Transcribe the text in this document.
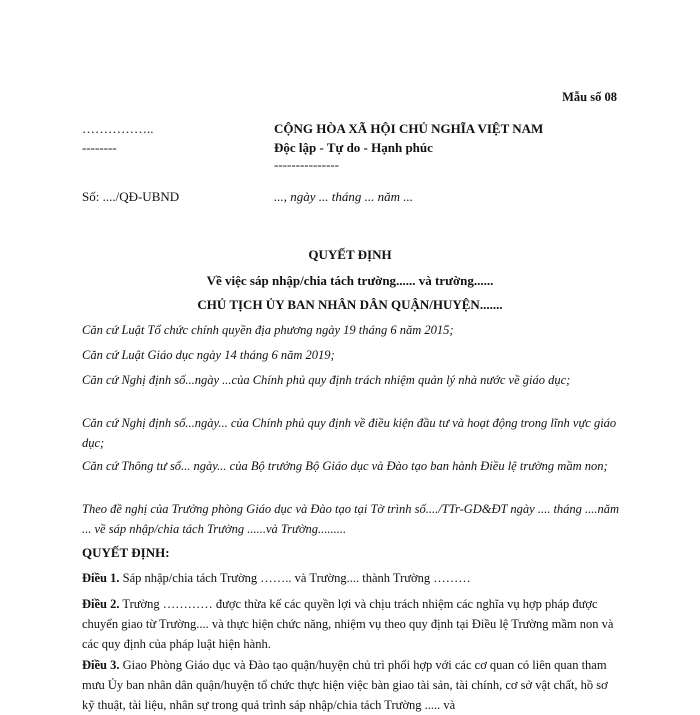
Mẫu số 08
……………..
--------
CỘNG HÒA XÃ HỘI CHỦ NGHĨA VIỆT NAM
Độc lập - Tự do - Hạnh phúc
---------------
Số: ..../QĐ-UBND	..., ngày ... tháng ... năm ...
QUYẾT ĐỊNH
Về việc sáp nhập/chia tách trường...... và trường......
CHỦ TỊCH ỦY BAN NHÂN DÂN QUẬN/HUYỆN.......
Căn cứ Luật Tổ chức chính quyền địa phương ngày 19 tháng 6 năm 2015;
Căn cứ Luật Giáo dục ngày 14 tháng 6 năm 2019;
Căn cứ Nghị định số...ngày ...của Chính phủ quy định trách nhiệm quản lý nhà nước về giáo dục;
Căn cứ Nghị định số...ngày... của Chính phủ quy định về điều kiện đầu tư và hoạt động trong lĩnh vực giáo dục;
Căn cứ Thông tư số... ngày... của Bộ trưởng Bộ Giáo dục và Đào tạo ban hành Điều lệ trường mầm non;
Theo đề nghị của Trưởng phòng Giáo dục và Đào tạo tại Tờ trình số..../TTr-GD&ĐT ngày .... tháng ....năm ... về sáp nhập/chia tách Trường ......và Trường.........
QUYẾT ĐỊNH:
Điều 1. Sáp nhập/chia tách Trường …….. và Trường.... thành Trường ………
Điều 2. Trường ………… được thừa kế các quyền lợi và chịu trách nhiệm các nghĩa vụ hợp pháp được chuyển giao từ Trường.... và thực hiện chức năng, nhiệm vụ theo quy định tại Điều lệ Trường mầm non và các quy định của pháp luật hiện hành.
Điều 3. Giao Phòng Giáo dục và Đào tạo quận/huyện chủ trì phối hợp với các cơ quan có liên quan tham mưu Ủy ban nhân dân quận/huyện tổ chức thực hiện việc bàn giao tài sản, tài chính, cơ sở vật chất, hồ sơ kỹ thuật, tài liệu, nhân sự trong quá trình sáp nhập/chia tách Trường ..... và
